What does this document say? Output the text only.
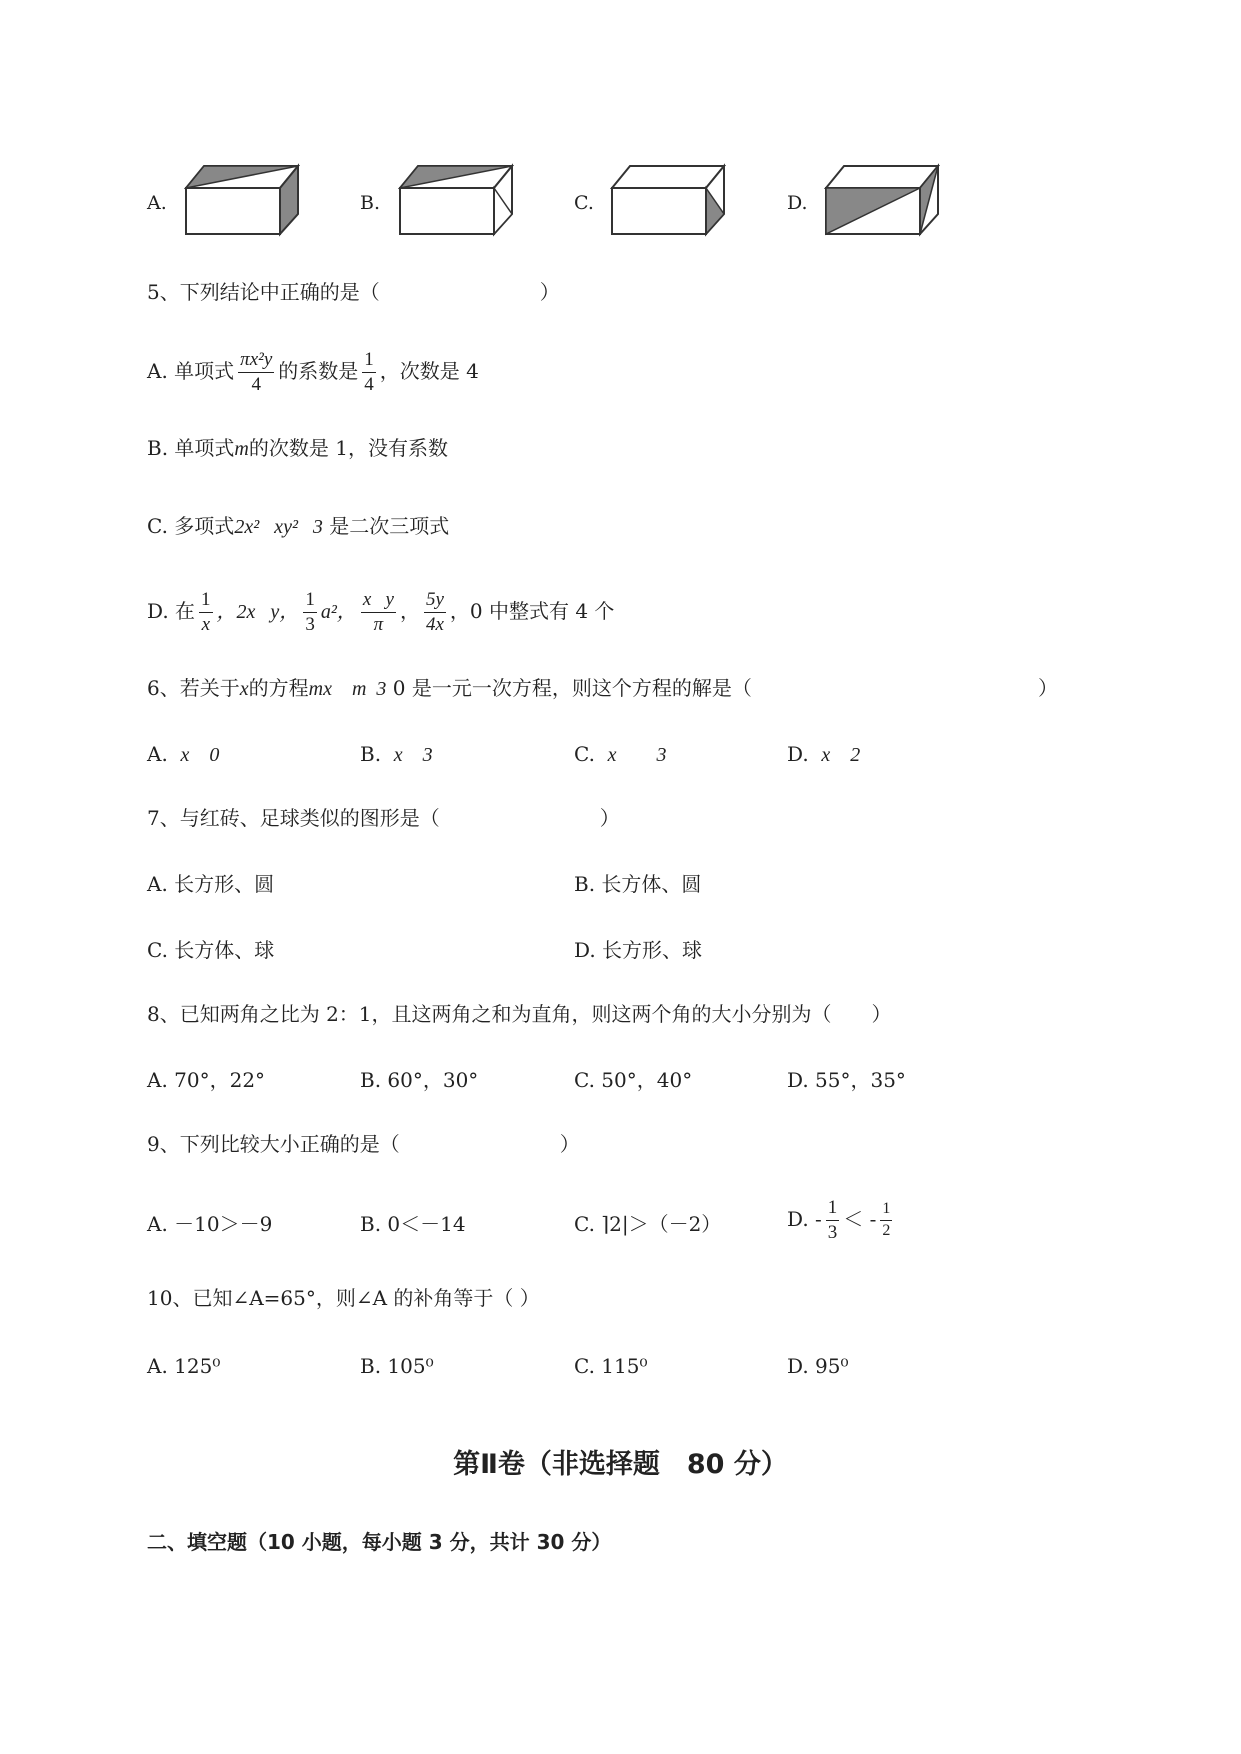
A.	B.	C.	D.
5、下列结论中正确的是（　　　　　　　　）
A. 单项式 $\frac{\text{πx²y}}{4}$ 的系数是 $\frac{1}{4}$ ，次数是 4
B. 单项式m的次数是 1，没有系数
C. 多项式2x²   xy²   3 是二次三项式
D. 在 $\frac{1}{x}$ ，2x   y， $\frac{1}{3} a^2$， $\frac{\text{x   y}}{\pi}$ ， $\frac{5y}{4x}$ ，0 中整式有 4 个
6、若关于x的方程mx    m  3 0 是一元一次方程，则这个方程的解是（	）
A. x    0	B. x    3	C. x        3	D. x    2
7、与红砖、足球类似的图形是（　　　　　　　　）
A. 长方形、圆	B. 长方体、圆
C. 长方体、球	D. 长方形、球
8、已知两角之比为 2：1，且这两角之和为直角，则这两个角的大小分别为（　　）
A. 70°，22°	B. 60°，30°	C. 50°，40°	D. 55°，35°
9、下列比较大小正确的是（　　　　　　　　）
A. －10＞－9	B. 0＜－14	C. ⌉2|＞（－2）	D. - $\frac{1}{3}$ ＜ - $\frac{1}{2}$
10、已知∠A=65°，则∠A 的补角等于（ ）
A. 125⁰	B. 105⁰	C. 115⁰	D. 95⁰
第Ⅱ卷（非选择题　80 分）
二、填空题（10 小题，每小题 3 分，共计 30 分）
